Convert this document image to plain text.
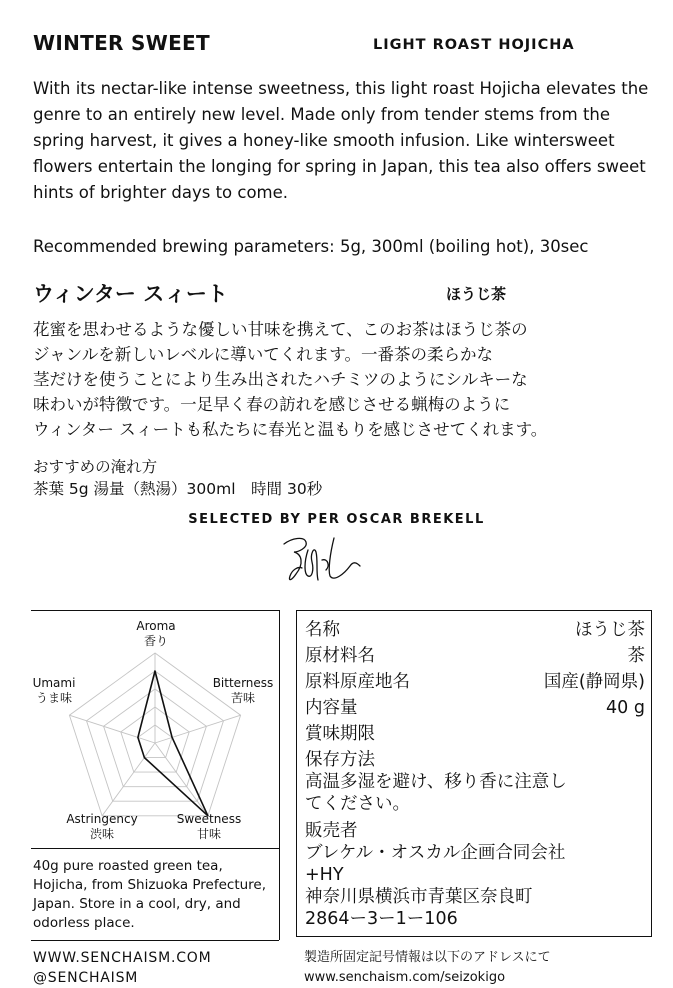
WINTER SWEET	LIGHT ROAST HOJICHA
With its nectar-like intense sweetness, this light roast Hojicha elevates the genre to an entirely new level. Made only from tender stems from the spring harvest, it gives a honey-like smooth infusion. Like wintersweet flowers entertain the longing for spring in Japan, this tea also offers sweet hints of brighter days to come.
Recommended brewing parameters: 5g, 300ml (boiling hot), 30sec
ウィンター スィート	ほうじ茶
花蜜を思わせるような優しい甘味を携えて、このお茶はほうじ茶の
ジャンルを新しいレベルに導いてくれます。一番茶の柔らかな
茎だけを使うことにより生み出されたハチミツのようにシルキーな
味わいが特徴です。一足早く春の訪れを感じさせる蝋梅のように
ウィンター スィートも私たちに春光と温もりを感じさせてくれます。
おすすめの淹れ方
茶葉 5g 湯量（熱湯）300ml　時間 30秒
SELECTED BY PER OSCAR BREKELL
Aroma
香り
Bitterness
苦味
Sweetness
甘味
Astringency
渋味
Umami
うま味
40g pure roasted green tea, Hojicha, from Shizuoka Prefecture, Japan. Store in a cool, dry, and odorless place.
名称	ほうじ茶
原材料名	茶
原料原産地名	国産(静岡県)
内容量	40 g
賞味期限
保存方法
高温多湿を避け、移り香に注意し
てください。
販売者
ブレケル・オスカル企画合同会社
+HY
神奈川県横浜市青葉区奈良町
2864ー3ー1ー106
WWW.SENCHAISM.COM
@SENCHAISM
製造所固定記号情報は以下のアドレスにて
www.senchaism.com/seizokigo
